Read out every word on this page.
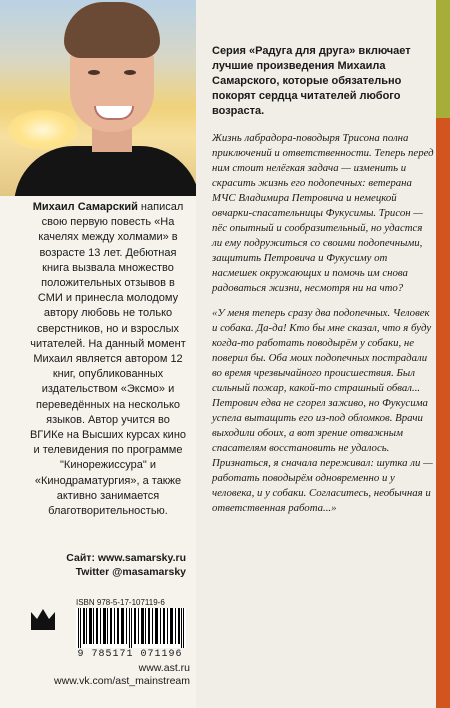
Михаил Самарский написал свою первую повесть «На качелях между холмами» в возрасте 13 лет. Дебютная книга вызвала множество положительных отзывов в СМИ и принесла молодому автору любовь не только сверстников, но и взрослых читателей. На данный момент Михаил является автором 12 книг, опубликованных издательством «Эксмо» и переведённых на несколько языков. Автор учится во ВГИКе на Высших курсах кино и телевидения по программе "Кинорежиссура" и «Кинодраматургия», а также активно занимается благотворительностью.

Сайт: www.samarsky.ru
Twitter @masamarsky
ISBN 978-5-17-107119-6
9 785171 071196
www.ast.ru
www.vk.com/ast_mainstream

Серия «Радуга для друга» включает лучшие произведения Михаила Самарского, которые обязательно покорят сердца читателей любого возраста.

Жизнь лабрадора-поводыря Трисона полна приключений и ответственности. Теперь перед ним стоит нелёгкая задача — изменить и скрасить жизнь его подопечных: ветерана МЧС Владимира Петровича и немецкой овчарки-спасательницы Фукусимы. Трисон — пёс опытный и сообразительный, но удастся ли ему подружиться со своими подопечными, защитить Петровича и Фукусиму от насмешек окружающих и помочь им снова радоваться жизни, несмотря ни на что?

«У меня теперь сразу два подопечных. Человек и собака. Да-да! Кто бы мне сказал, что я буду когда-то работать поводырём у собаки, не поверил бы. Оба моих подопечных пострадали во время чрезвычайного происшествия. Был сильный пожар, какой-то страшный обвал... Петрович едва не сгорел заживо, но Фукусима успела вытащить его из-под обломков. Врачи выходили обоих, а вот зрение отважным спасателям восстановить не удалось. Признаться, я сначала переживал: шутка ли — работать поводырём одновременно и у человека, и у собаки. Согласитесь, необычная и ответственная работа...»
